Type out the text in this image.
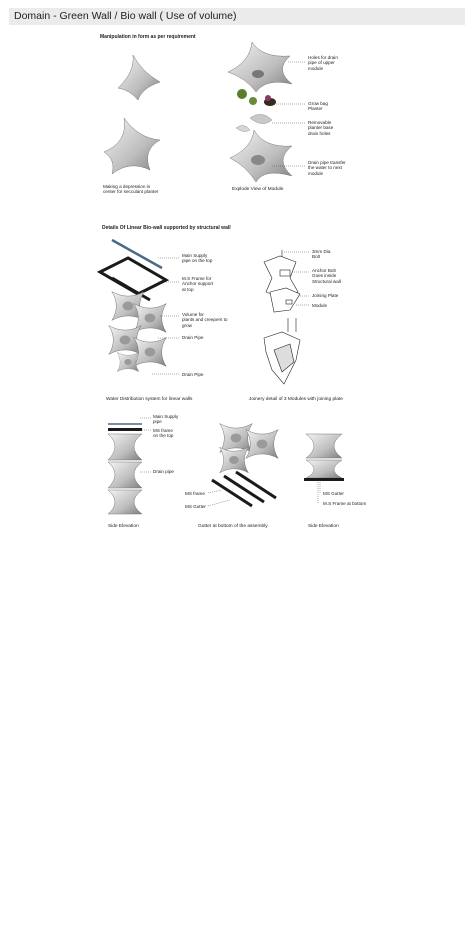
Domain - Green Wall / Bio wall ( Use of volume)
Manipulation in form as per requirement
Holes for drain
pipe of upper
module
Grow bag
Planter
Removable
planter base
drain holes
Drain pipe transfer
the water to next
module
Making a depression in
center for secculant planter	Explode View of Module
Details Of Linear Bio-wall supported by structural wall
Main Supply
pipe on the top
M.S Frame for
Anchor support
at top
Volume for
plants and creepers to
grow
Drain Pipe
Drain Pipe
3mm Dia
Bolt
Anchor Bolt
Goes inside
Structural wall
Joining Plate
Module
Water Distribution system for linear walls	Joinery detail of 3 Modules with joining plate
Main Supply
pipe
MS frame
on the top
Drain pipe
MS frame
MS Gutter
MS Gutter
M.S Frame at bottom
Side Elevation	Gutter at bottom of the assembly	Side Elevation
